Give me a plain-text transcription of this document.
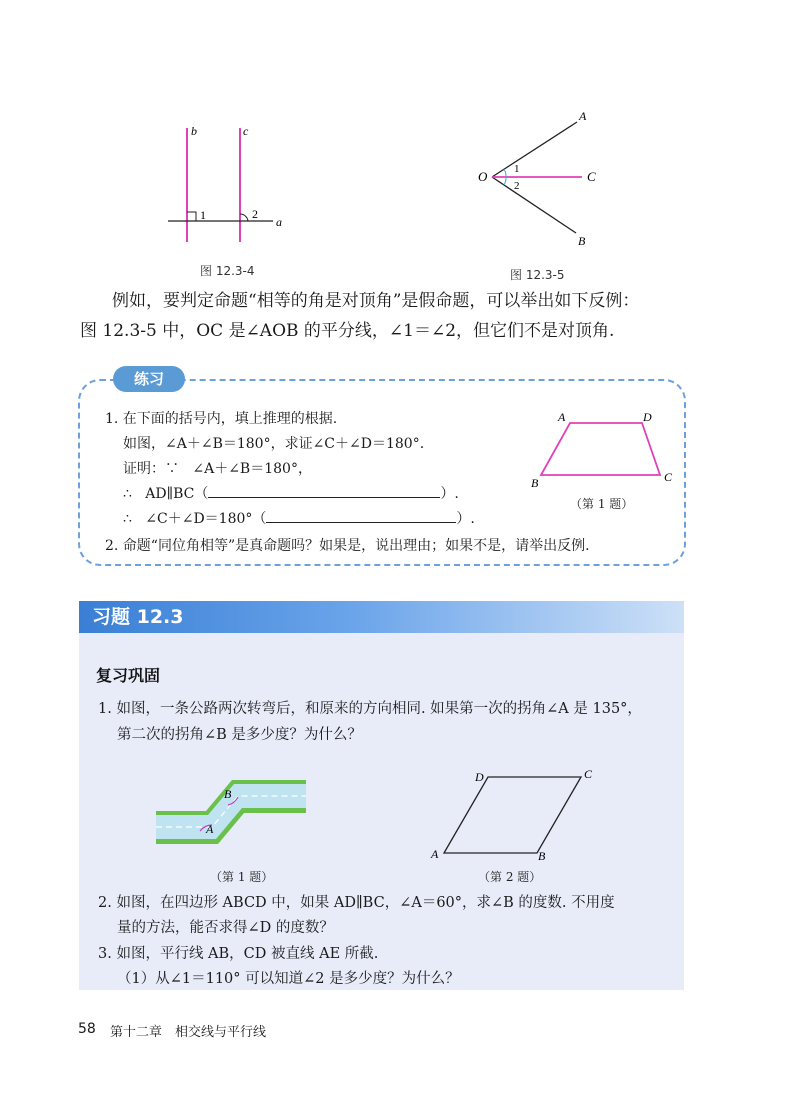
b	c
1	2
a
图 12.3-4
O
A
C
B
1
2
图 12.3-5
例如，要判定命题“相等的角是对顶角”是假命题，可以举出如下反例：
图 12.3-5 中，OC 是∠AOB 的平分线，∠1＝∠2，但它们不是对顶角.
练习
1. 在下面的括号内，填上推理的根据.
如图，∠A＋∠B＝180°，求证∠C＋∠D＝180°.
证明：∵ ∠A＋∠B＝180°，
∴ AD∥BC（	）.
∴ ∠C＋∠D＝180°（	）.
2. 命题“同位角相等”是真命题吗？如果是，说出理由；如果不是，请举出反例.
A	D
B	C
（第 1 题）
习题 12.3
复习巩固
1. 如图，一条公路两次转弯后，和原来的方向相同. 如果第一次的拐角∠A 是 135°，
第二次的拐角∠B 是多少度？为什么？
A
B
（第 1 题）
D	C
A	B
（第 2 题）
2. 如图，在四边形 ABCD 中，如果 AD∥BC，∠A＝60°，求∠B 的度数. 不用度
量的方法，能否求得∠D 的度数？
3. 如图，平行线 AB，CD 被直线 AE 所截.
（1）从∠1＝110° 可以知道∠2 是多少度？为什么？
58 第十二章　相交线与平行线
